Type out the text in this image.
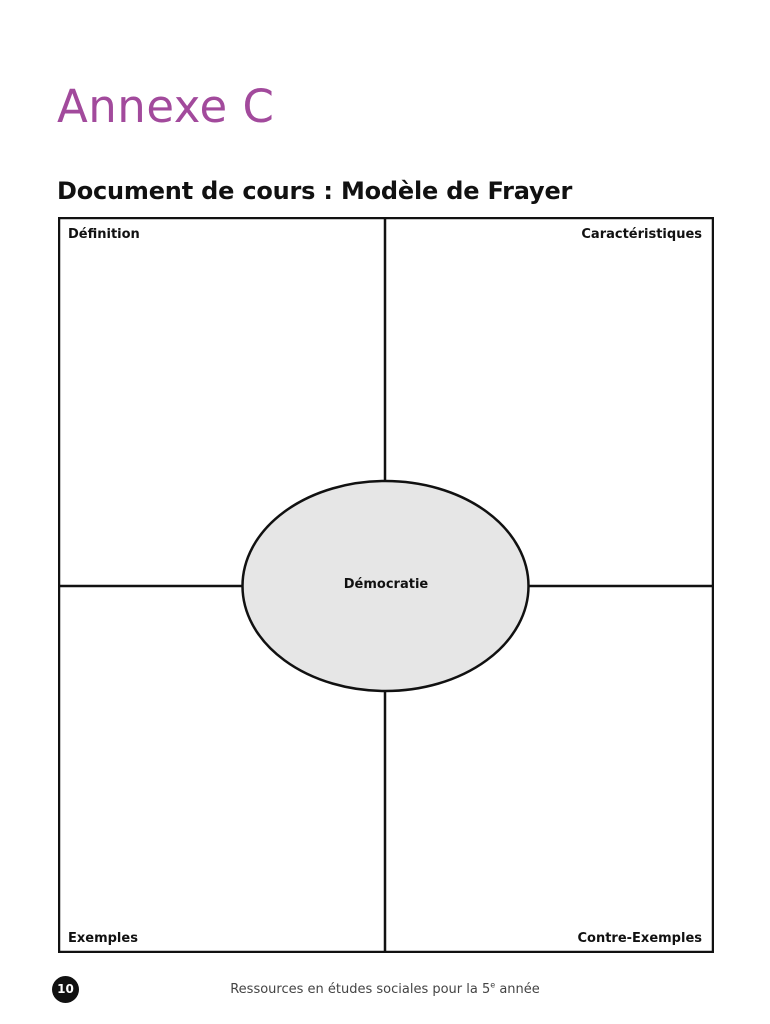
Annexe C
Document de cours : Modèle de Frayer
Définition	Caractéristiques
Exemples	Contre-Exemples
Démocratie
10	Ressources en études sociales pour la 5e année
